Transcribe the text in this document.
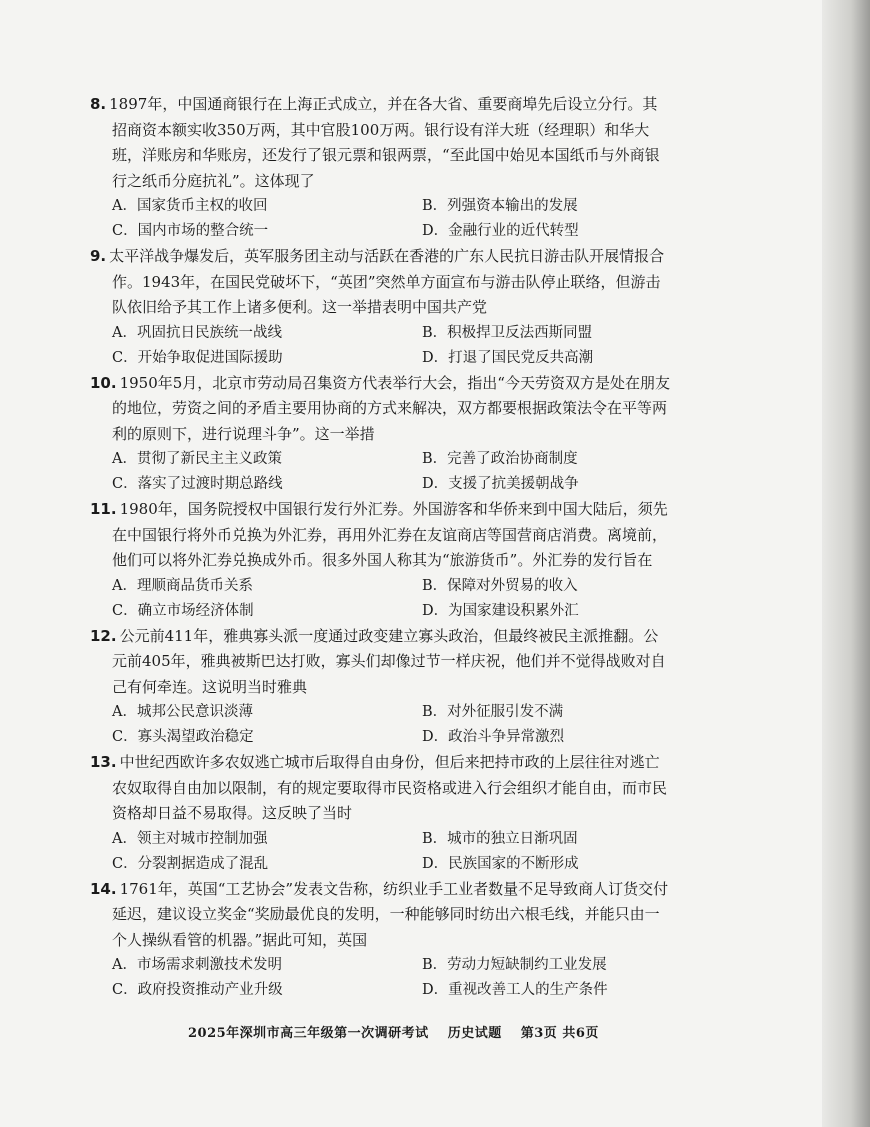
8. 1897年，中国通商银行在上海正式成立，并在各大省、重要商埠先后设立分行。其招商资本额实收350万两，其中官股100万两。银行设有洋大班（经理职）和华大班，洋账房和华账房，还发行了银元票和银两票，“至此国中始见本国纸币与外商银行之纸币分庭抗礼”。这体现了
A．国家货币主权的收回	B．列强资本输出的发展
C．国内市场的整合统一	D．金融行业的近代转型
9. 太平洋战争爆发后，英军服务团主动与活跃在香港的广东人民抗日游击队开展情报合作。1943年，在国民党破坏下，“英团”突然单方面宣布与游击队停止联络，但游击队依旧给予其工作上诸多便利。这一举措表明中国共产党
A．巩固抗日民族统一战线	B．积极捍卫反法西斯同盟
C．开始争取促进国际援助	D．打退了国民党反共高潮
10. 1950年5月，北京市劳动局召集资方代表举行大会，指出“今天劳资双方是处在朋友的地位，劳资之间的矛盾主要用协商的方式来解决，双方都要根据政策法令在平等两利的原则下，进行说理斗争”。这一举措
A．贯彻了新民主主义政策	B．完善了政治协商制度
C．落实了过渡时期总路线	D．支援了抗美援朝战争
11. 1980年，国务院授权中国银行发行外汇券。外国游客和华侨来到中国大陆后，须先在中国银行将外币兑换为外汇券，再用外汇券在友谊商店等国营商店消费。离境前，他们可以将外汇券兑换成外币。很多外国人称其为“旅游货币”。外汇券的发行旨在
A．理顺商品货币关系	B．保障对外贸易的收入
C．确立市场经济体制	D．为国家建设积累外汇
12. 公元前411年，雅典寡头派一度通过政变建立寡头政治，但最终被民主派推翻。公元前405年，雅典被斯巴达打败，寡头们却像过节一样庆祝，他们并不觉得战败对自己有何牵连。这说明当时雅典
A．城邦公民意识淡薄	B．对外征服引发不满
C．寡头渴望政治稳定	D．政治斗争异常激烈
13. 中世纪西欧许多农奴逃亡城市后取得自由身份，但后来把持市政的上层往往对逃亡农奴取得自由加以限制，有的规定要取得市民资格或进入行会组织才能自由，而市民资格却日益不易取得。这反映了当时
A．领主对城市控制加强	B．城市的独立日渐巩固
C．分裂割据造成了混乱	D．民族国家的不断形成
14. 1761年，英国“工艺协会”发表文告称，纺织业手工业者数量不足导致商人订货交付延迟，建议设立奖金“奖励最优良的发明，一种能够同时纺出六根毛线，并能只由一个人操纵看管的机器。”据此可知，英国
A．市场需求刺激技术发明	B．劳动力短缺制约工业发展
C．政府投资推动产业升级	D．重视改善工人的生产条件
2025年深圳市高三年级第一次调研考试 历史试题 第3页 共6页
